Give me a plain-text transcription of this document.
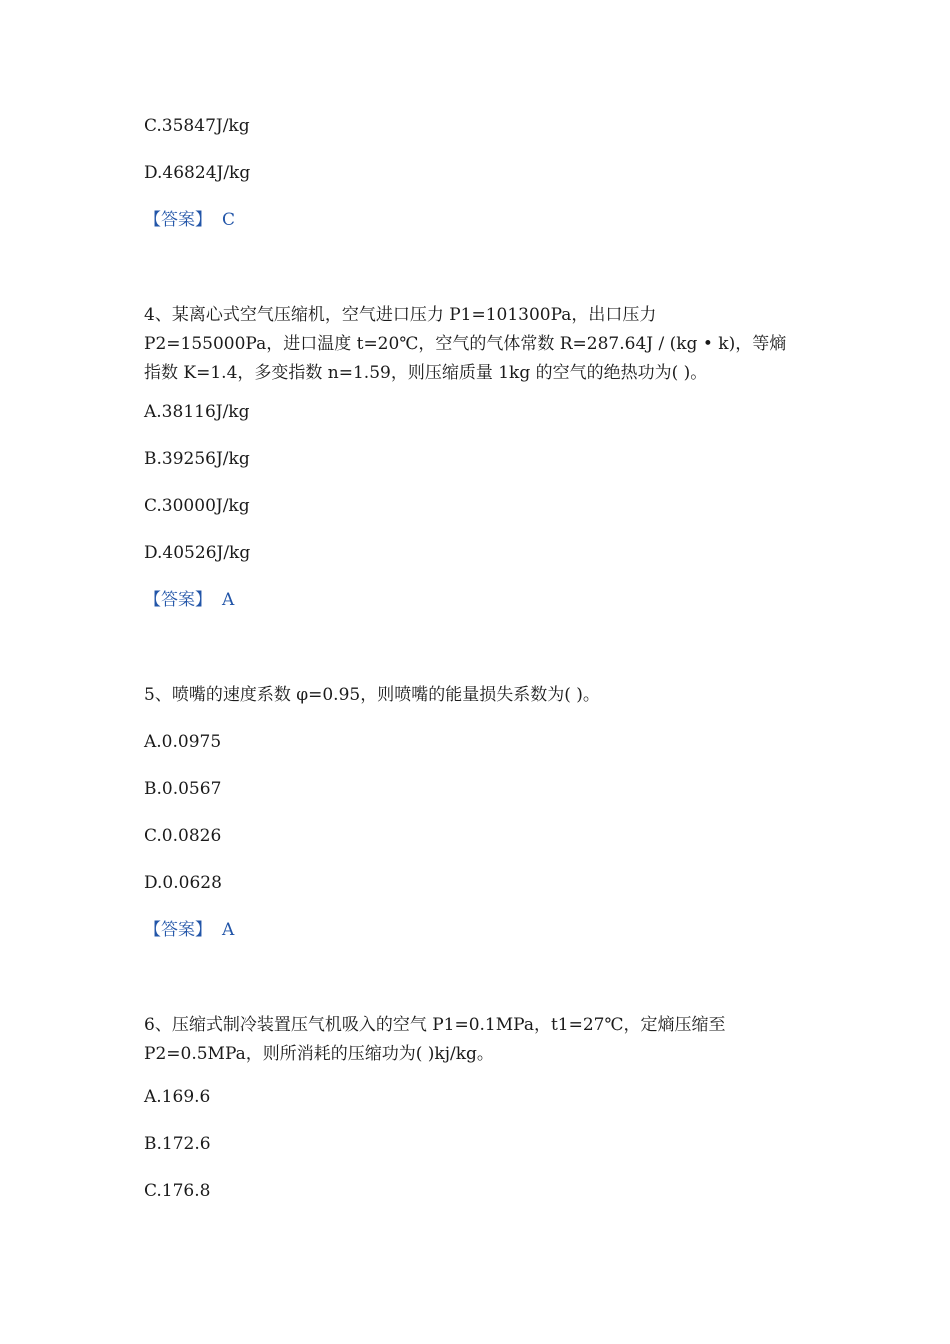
C.35847J/kg
D.46824J/kg
【答案】 C
4、某离心式空气压缩机，空气进口压力 P1=101300Pa，出口压力
P2=155000Pa，进口温度 t=20℃，空气的气体常数 R=287.64J / (kg • k)，等熵
指数 K=1.4，多变指数 n=1.59，则压缩质量 1kg 的空气的绝热功为( )。
A.38116J/kg
B.39256J/kg
C.30000J/kg
D.40526J/kg
【答案】 A
5、喷嘴的速度系数 φ=0.95，则喷嘴的能量损失系数为( )。
A.0.0975
B.0.0567
C.0.0826
D.0.0628
【答案】 A
6、压缩式制冷装置压气机吸入的空气 P1=0.1MPa，t1=27℃，定熵压缩至
P2=0.5MPa，则所消耗的压缩功为( )kj/kg。
A.169.6
B.172.6
C.176.8
